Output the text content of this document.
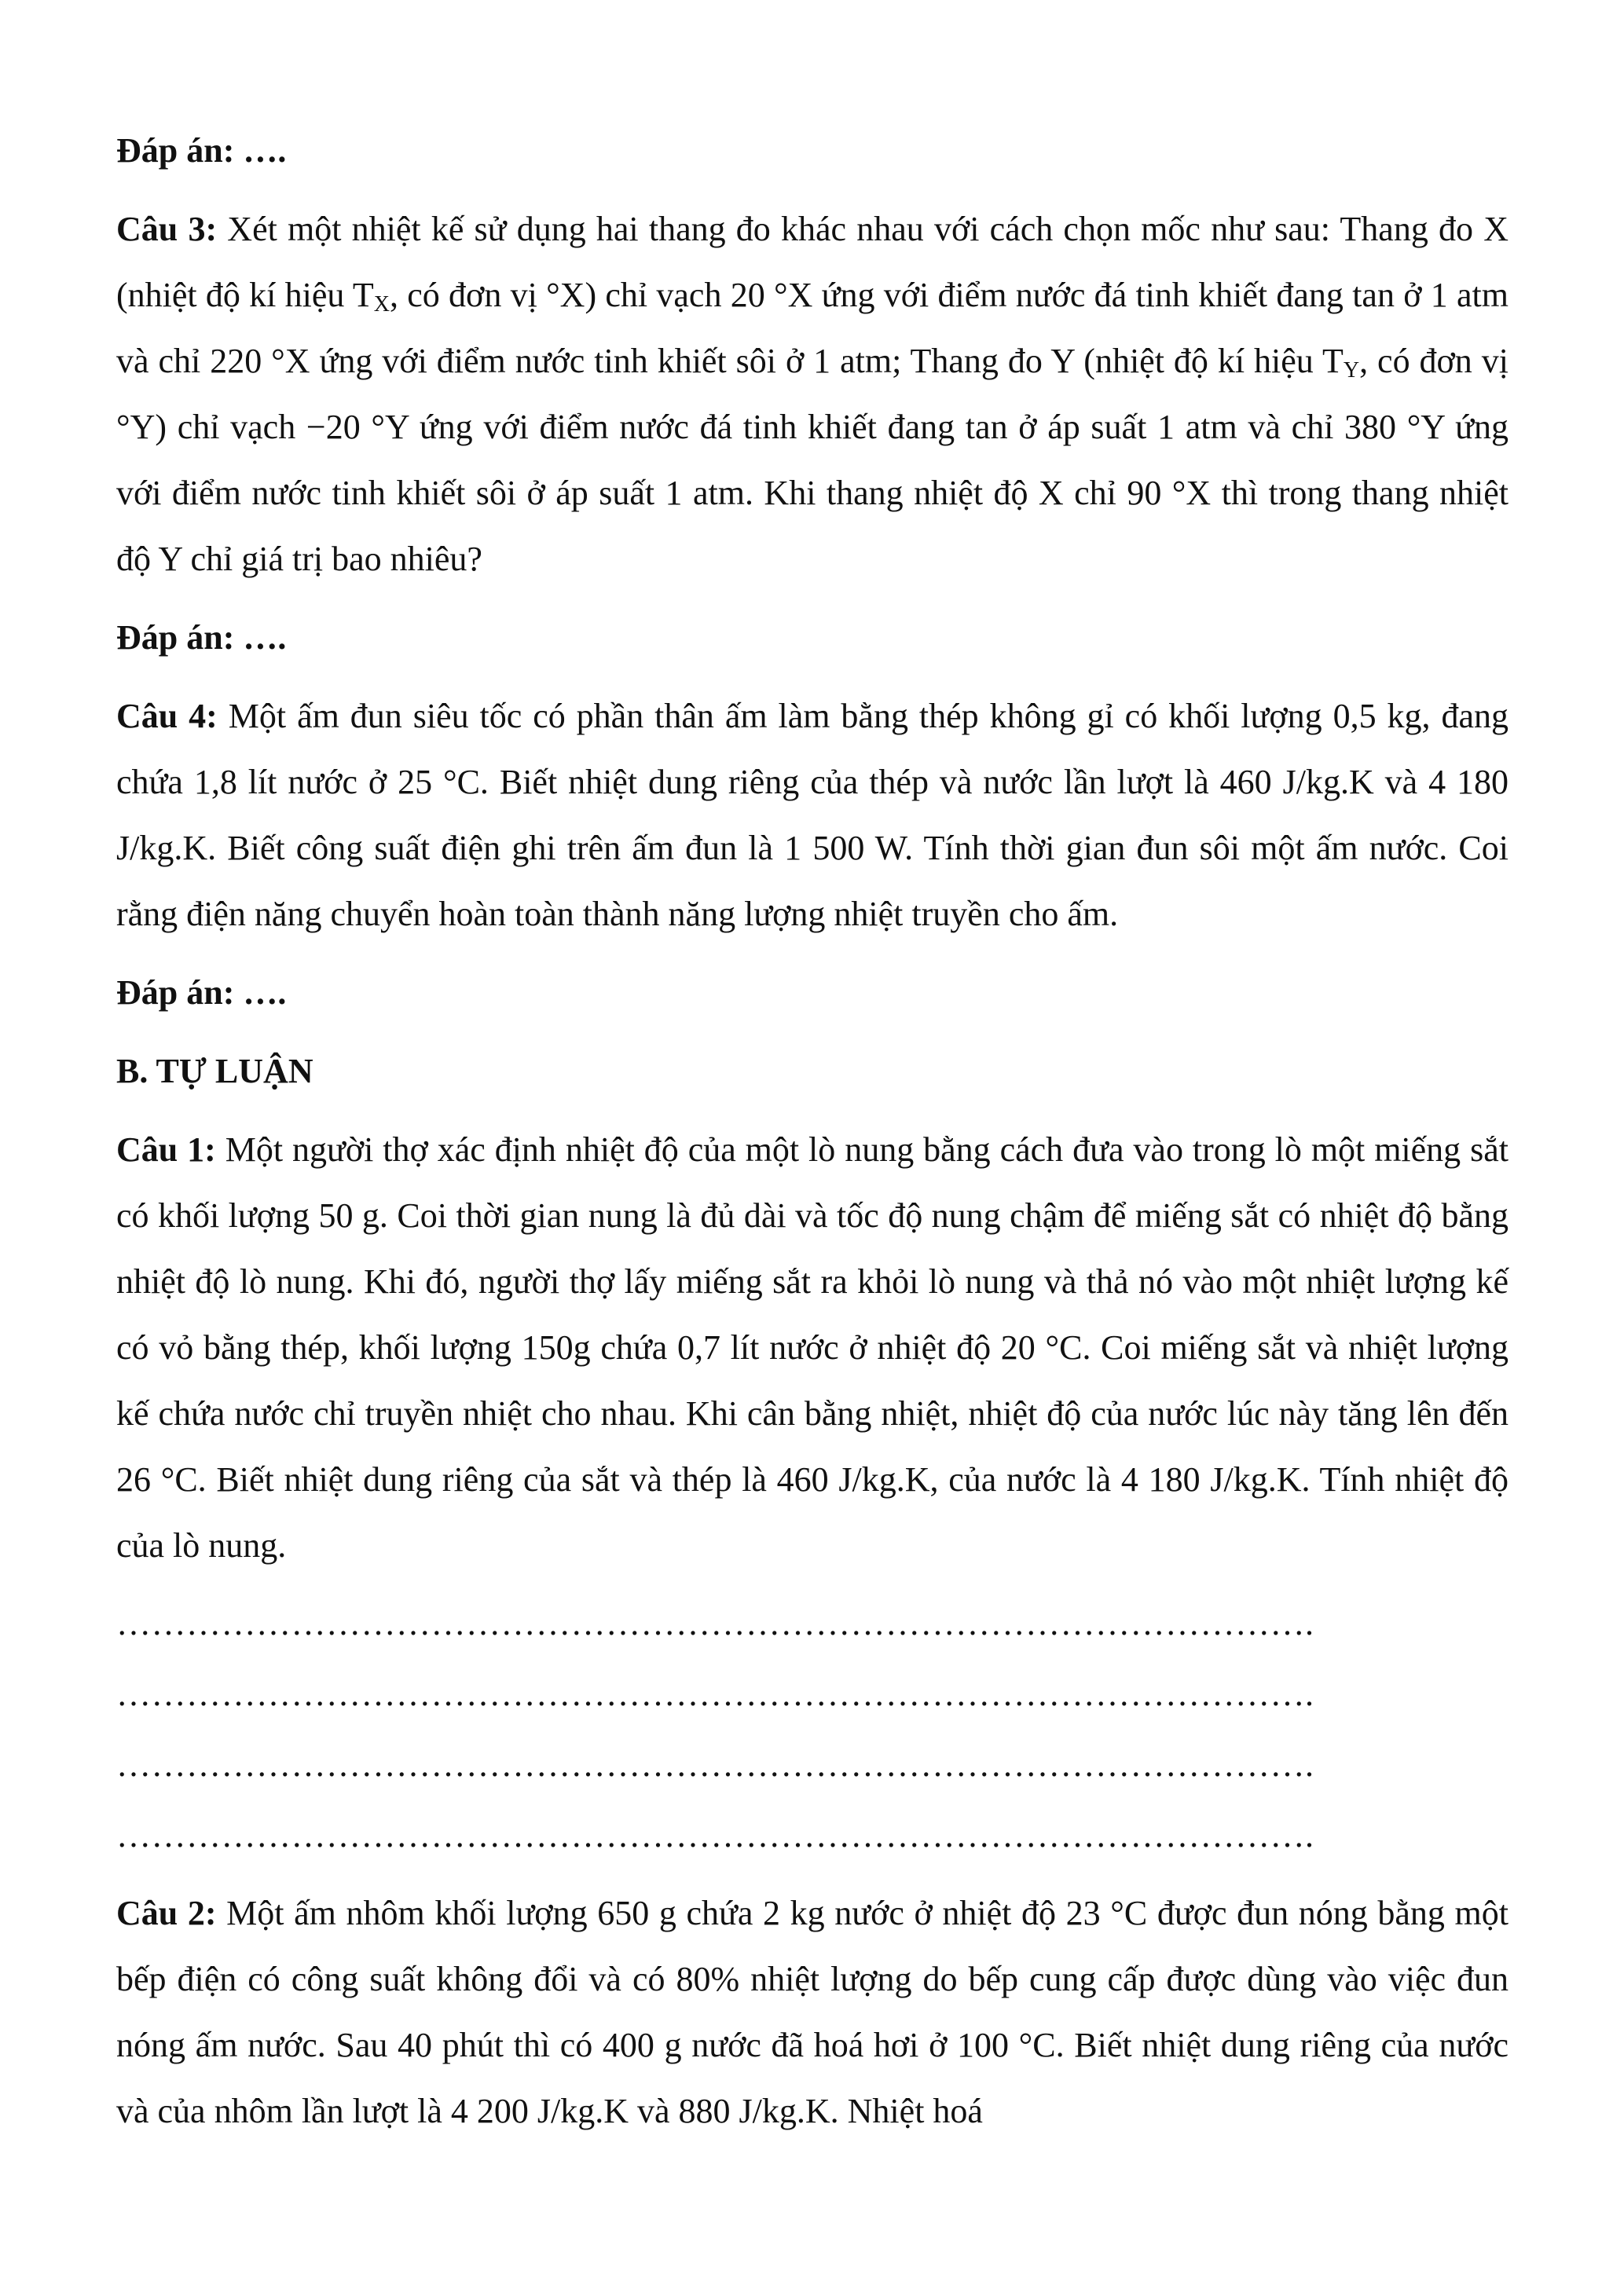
Đáp án: ….

Câu 3: Xét một nhiệt kế sử dụng hai thang đo khác nhau với cách chọn mốc như sau: Thang đo X (nhiệt độ kí hiệu $T_X$, có đơn vị °X) chỉ vạch 20 °X ứng với điểm nước đá tinh khiết đang tan ở 1 atm và chỉ 220 °X ứng với điểm nước tinh khiết sôi ở 1 atm; Thang đo Y (nhiệt độ kí hiệu $T_Y$, có đơn vị °Y) chỉ vạch −20 °Y ứng với điểm nước đá tinh khiết đang tan ở áp suất 1 atm và chỉ 380 °Y ứng với điểm nước tinh khiết sôi ở áp suất 1 atm. Khi thang nhiệt độ X chỉ 90 °X thì trong thang nhiệt độ Y chỉ giá trị bao nhiêu?

Đáp án: ….

Câu 4: Một ấm đun siêu tốc có phần thân ấm làm bằng thép không gỉ có khối lượng 0,5 kg, đang chứa 1,8 lít nước ở 25 °C. Biết nhiệt dung riêng của thép và nước lần lượt là 460 J/kg.K và 4 180 J/kg.K. Biết công suất điện ghi trên ấm đun là 1 500 W. Tính thời gian đun sôi một ấm nước. Coi rằng điện năng chuyển hoàn toàn thành năng lượng nhiệt truyền cho ấm.

Đáp án: ….

B. TỰ LUẬN

Câu 1: Một người thợ xác định nhiệt độ của một lò nung bằng cách đưa vào trong lò một miếng sắt có khối lượng 50 g. Coi thời gian nung là đủ dài và tốc độ nung chậm để miếng sắt có nhiệt độ bằng nhiệt độ lò nung. Khi đó, người thợ lấy miếng sắt ra khỏi lò nung và thả nó vào một nhiệt lượng kế có vỏ bằng thép, khối lượng 150g chứa 0,7 lít nước ở nhiệt độ 20 °C. Coi miếng sắt và nhiệt lượng kế chứa nước chỉ truyền nhiệt cho nhau. Khi cân bằng nhiệt, nhiệt độ của nước lúc này tăng lên đến 26 °C. Biết nhiệt dung riêng của sắt và thép là 460 J/kg.K, của nước là 4 180 J/kg.K. Tính nhiệt độ của lò nung.

………………………………………………………………………………………….
………………………………………………………………………………………….
………………………………………………………………………………………….
………………………………………………………………………………………….

Câu 2: Một ấm nhôm khối lượng 650 g chứa 2 kg nước ở nhiệt độ 23 °C được đun nóng bằng một bếp điện có công suất không đổi và có 80% nhiệt lượng do bếp cung cấp được dùng vào việc đun nóng ấm nước. Sau 40 phút thì có 400 g nước đã hoá hơi ở 100 °C. Biết nhiệt dung riêng của nước và của nhôm lần lượt là 4 200 J/kg.K và 880 J/kg.K. Nhiệt hoá
